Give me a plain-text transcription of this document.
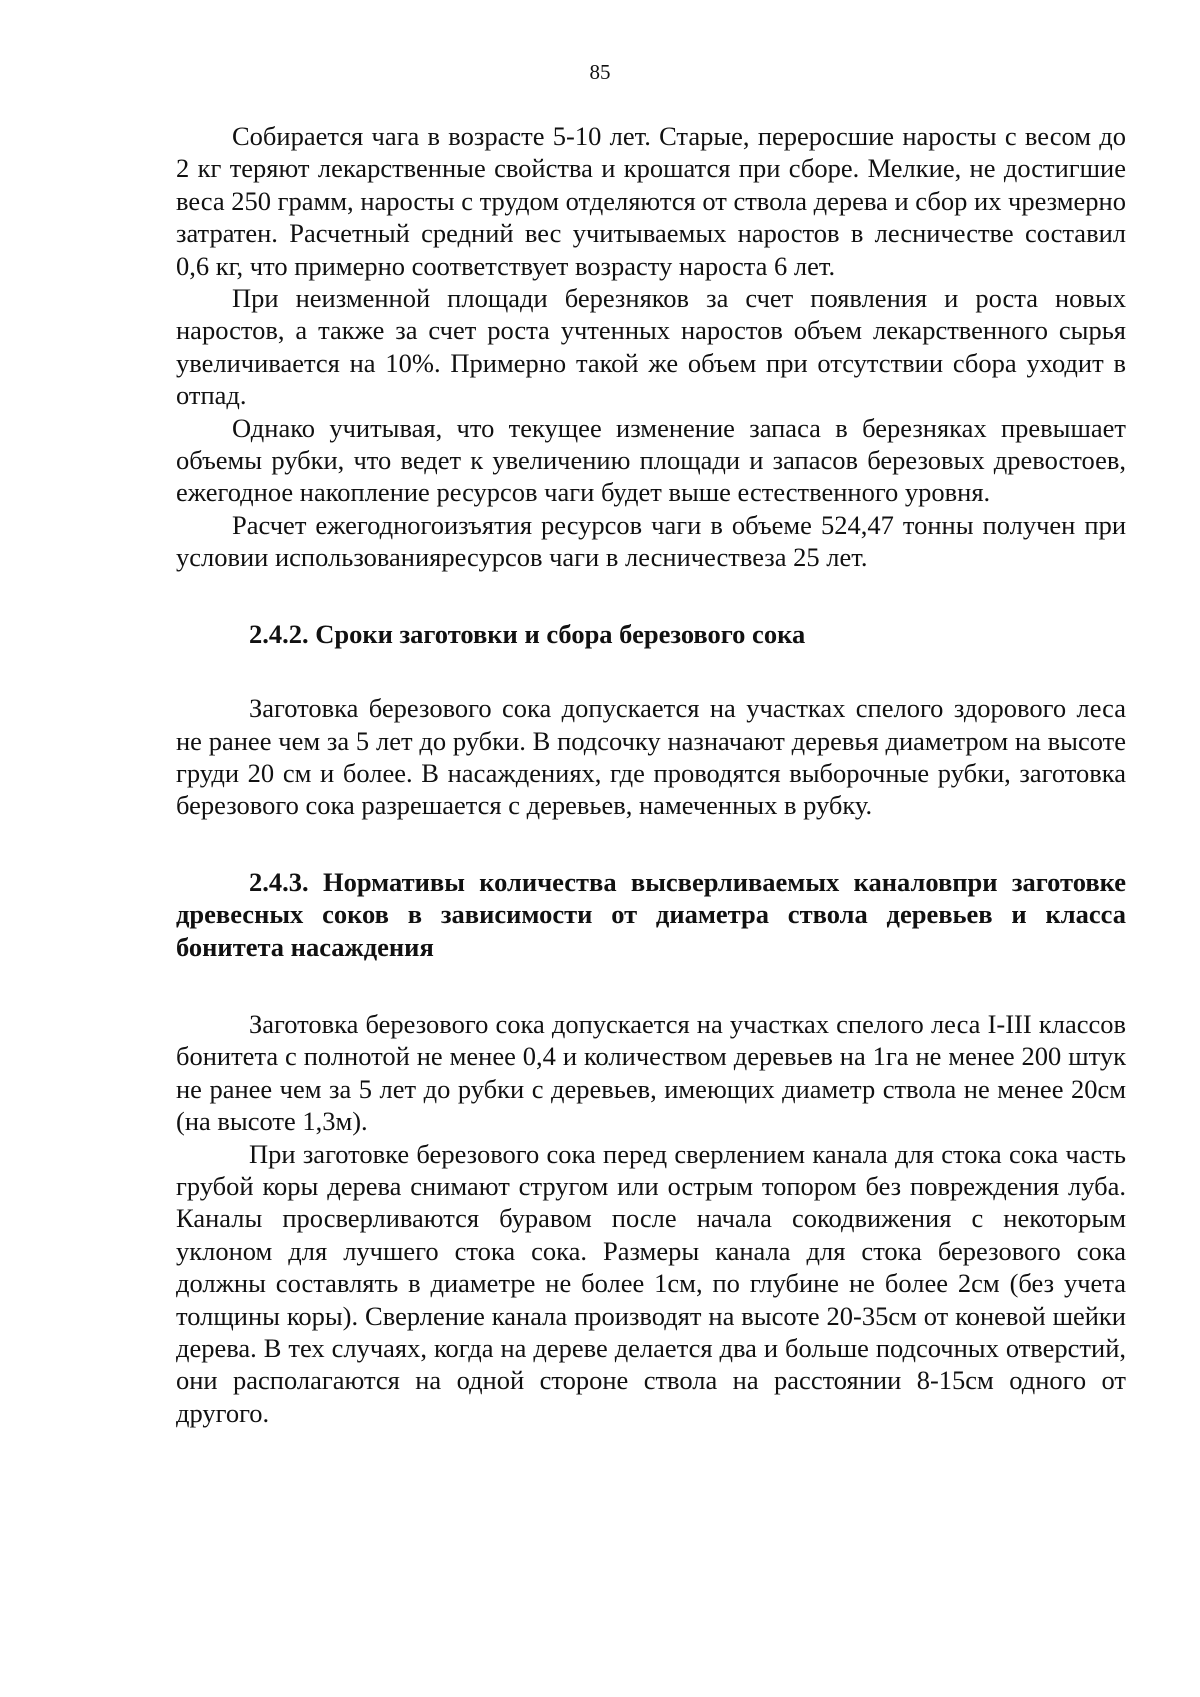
85

Собирается чага в возрасте 5-10 лет. Старые, переросшие наросты с весом до 2 кг теряют лекарственные свойства и крошатся при сборе. Мелкие, не достигшие веса 250 грамм, наросты с трудом отделяются от ствола дерева и сбор их чрезмерно затратен. Расчетный средний вес учитываемых наростов в лесничестве составил 0,6 кг, что примерно соответствует возрасту нароста 6 лет.

При неизменной площади березняков за счет появления и роста новых наростов, а также за счет роста учтенных наростов объем лекарственного сырья увеличивается на 10%. Примерно такой же объем при отсутствии сбора уходит в отпад.

Однако учитывая, что текущее изменение запаса в березняках превышает объемы рубки, что ведет к увеличению площади и запасов березовых древостоев, ежегодное накопление ресурсов чаги будет выше естественного уровня.

Расчет ежегодногоизъятия ресурсов чаги в объеме 524,47 тонны получен при условии использованияресурсов чаги в лесничествеза 25 лет.

2.4.2. Сроки заготовки и сбора березового сока

Заготовка березового сока допускается на участках спелого здорового леса не ранее чем за 5 лет до рубки. В подсочку назначают деревья диаметром на высоте груди 20 см и более. В насаждениях, где проводятся выборочные рубки, заготовка березового сока разрешается с деревьев, намеченных в рубку.

2.4.3. Нормативы количества высверливаемых каналовпри заготовке древесных соков в зависимости от диаметра ствола деревьев и класса бонитета насаждения

Заготовка березового сока допускается на участках спелого леса I-III классов бонитета с полнотой не менее 0,4 и количеством деревьев на 1га не менее 200 штук не ранее чем за 5 лет до рубки с деревьев, имеющих диаметр ствола не менее 20см (на высоте 1,3м).

При заготовке березового сока перед сверлением канала для стока сока часть грубой коры дерева снимают стругом или острым топором без повреждения луба. Каналы просверливаются буравом после начала сокодвижения с некоторым уклоном для лучшего стока сока. Размеры канала для стока березового сока должны составлять в диаметре не более 1см, по глубине не более 2см (без учета толщины коры). Сверление канала производят на высоте 20-35см от коневой шейки дерева. В тех случаях, когда на дереве делается два и больше подсочных отверстий, они располагаются на одной стороне ствола на расстоянии 8-15см одного от другого.
